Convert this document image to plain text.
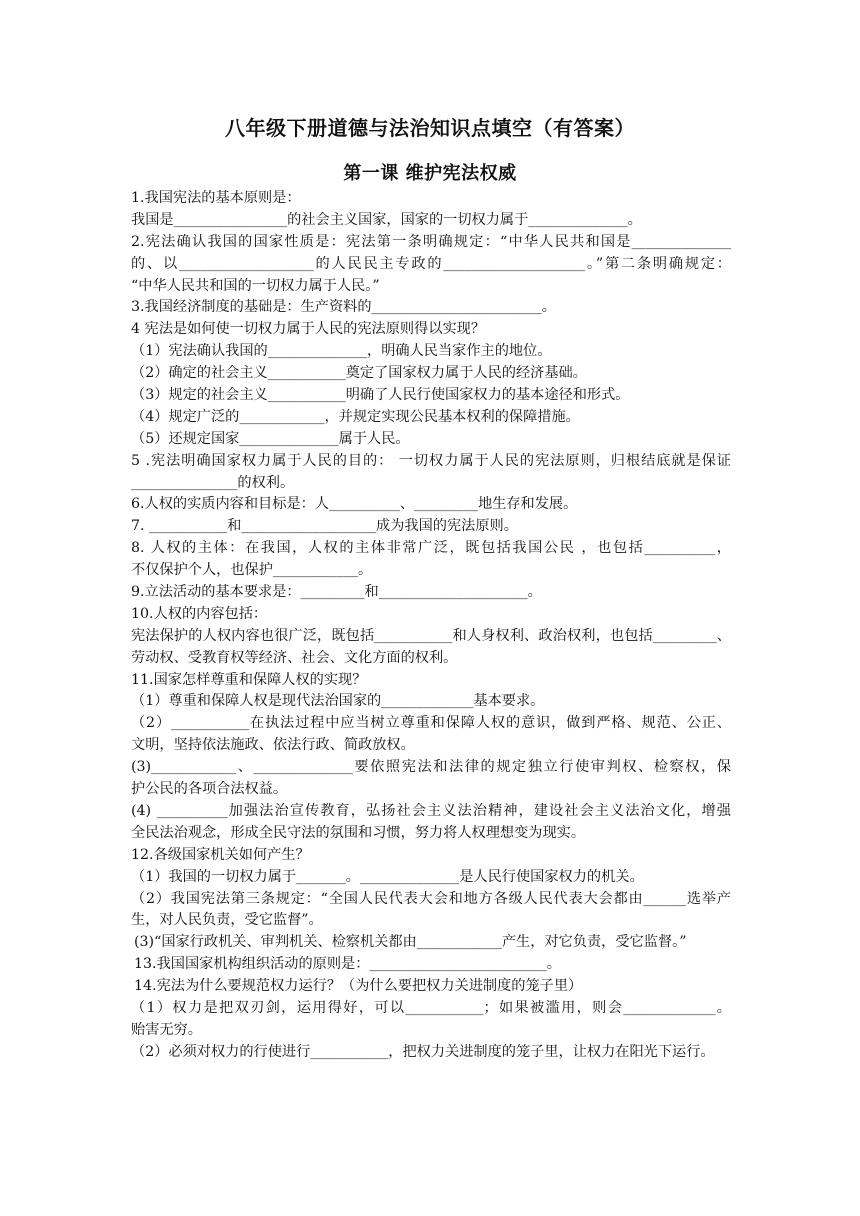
八年级下册道德与法治知识点填空（有答案）
第一课 维护宪法权威
1.我国宪法的基本原则是：
我国是________________的社会主义国家，国家的一切权力属于______________。
2.宪法确认我国的国家性质是：宪法第一条明确规定：“中华人民共和国是______________
的、以___________________的人民民主专政的____________________。”第二条明确规定：
“中华人民共和国的一切权力属于人民。”
3.我国经济制度的基础是：生产资料的________________________。
4 宪法是如何使一切权力属于人民的宪法原则得以实现？
（1）宪法确认我国的______________，明确人民当家作主的地位。
（2）确定的社会主义___________奠定了国家权力属于人民的经济基础。
（3）规定的社会主义___________明确了人民行使国家权力的基本途径和形式。
（4）规定广泛的____________，并规定实现公民基本权利的保障措施。
（5）还规定国家______________属于人民。
5 .宪法明确国家权力属于人民的目的： 一切权力属于人民的宪法原则，归根结底就是保证
_______________的权利。
6.人权的实质内容和目标是：人__________、_________地生存和发展。
7. ___________和___________________成为我国的宪法原则。
8. 人权的主体：在我国，人权的主体非常广泛，既包括我国公民 ，也包括__________，
不仅保护个人，也保护____________。
9.立法活动的基本要求是：_________和_____________________。
10.人权的内容包括：
宪法保护的人权内容也很广泛，既包括___________和人身权利、政治权利，也包括_________、
劳动权、受教育权等经济、社会、文化方面的权利。
11.国家怎样尊重和保障人权的实现？
（1）尊重和保障人权是现代法治国家的_____________基本要求。
（2）___________在执法过程中应当树立尊重和保障人权的意识，做到严格、规范、公正、
文明，坚持依法施政、依法行政、简政放权。
(3)____________、______________要依照宪法和法律的规定独立行使审判权、检察权，保
护公民的各项合法权益。
(4) __________加强法治宣传教育，弘扬社会主义法治精神，建设社会主义法治文化，增强
全民法治观念，形成全民守法的氛围和习惯，努力将人权理想变为现实。
12.各级国家机关如何产生？
（1）我国的一切权力属于_______。______________是人民行使国家权力的机关。
（2）我国宪法第三条规定：“全国人民代表大会和地方各级人民代表大会都由______选举产
生，对人民负责，受它监督”。
(3)“国家行政机关、审判机关、检察机关都由____________产生，对它负责，受它监督。”
13.我国国家机构组织活动的原则是：_________________________。
14.宪法为什么要规范权力运行？（为什么要把权力关进制度的笼子里）
（1）权力是把双刃剑，运用得好，可以___________；如果被滥用，则会_____________。
贻害无穷。
（2）必须对权力的行使进行___________，把权力关进制度的笼子里，让权力在阳光下运行。
